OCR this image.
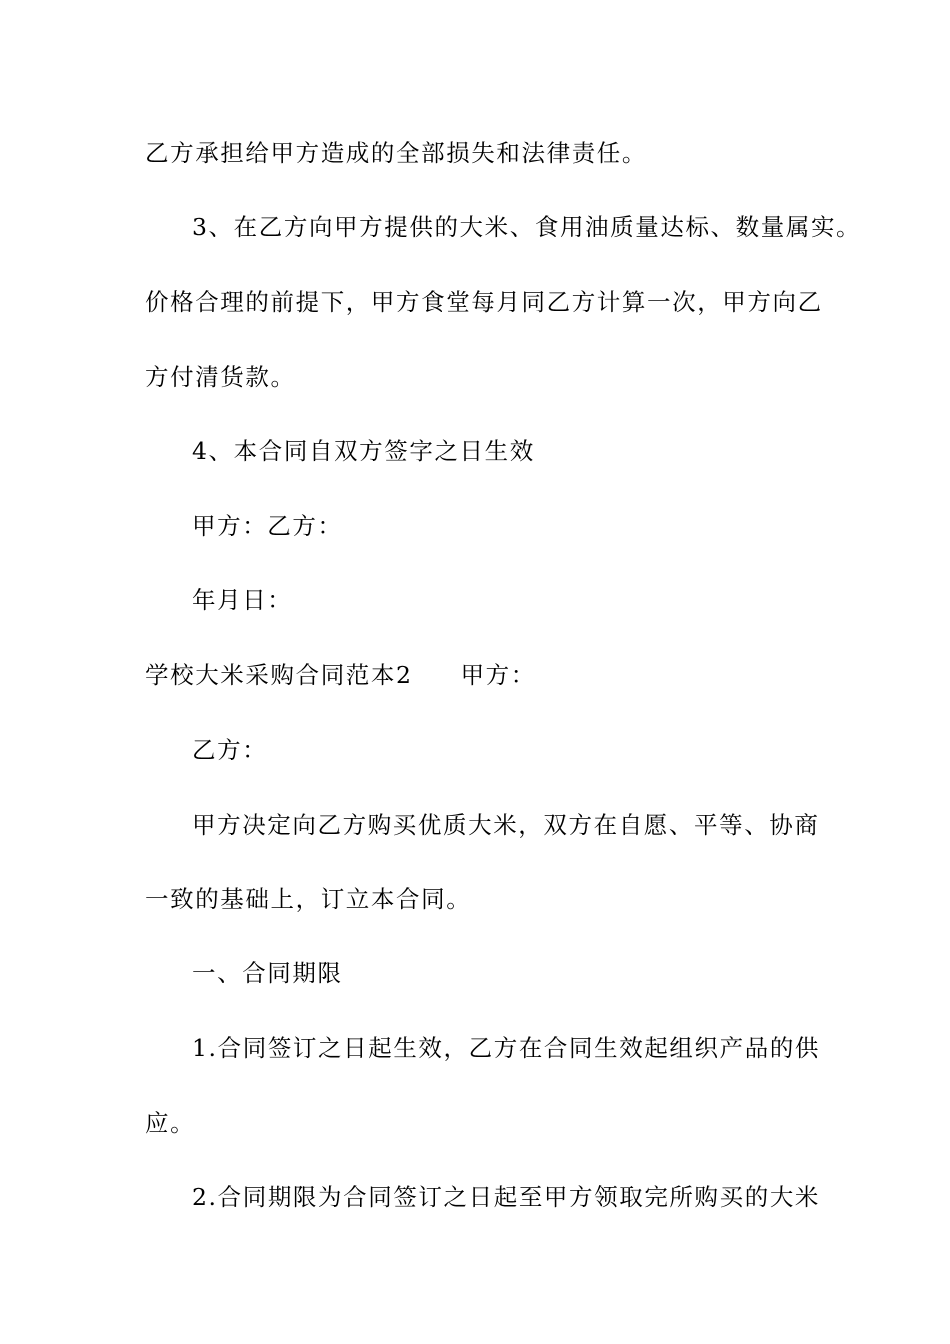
乙方承担给甲方造成的全部损失和法律责任。
3、在乙方向甲方提供的大米、食用油质量达标、数量属实。
价格合理的前提下，甲方食堂每月同乙方计算一次，甲方向乙
方付清货款。
4、本合同自双方签字之日生效
甲方：乙方：
年月日：
学校大米采购合同范本2 甲方：
乙方：
甲方决定向乙方购买优质大米，双方在自愿、平等、协商
一致的基础上，订立本合同。
一、合同期限
1.合同签订之日起生效，乙方在合同生效起组织产品的供
应。
2.合同期限为合同签订之日起至甲方领取完所购买的大米
